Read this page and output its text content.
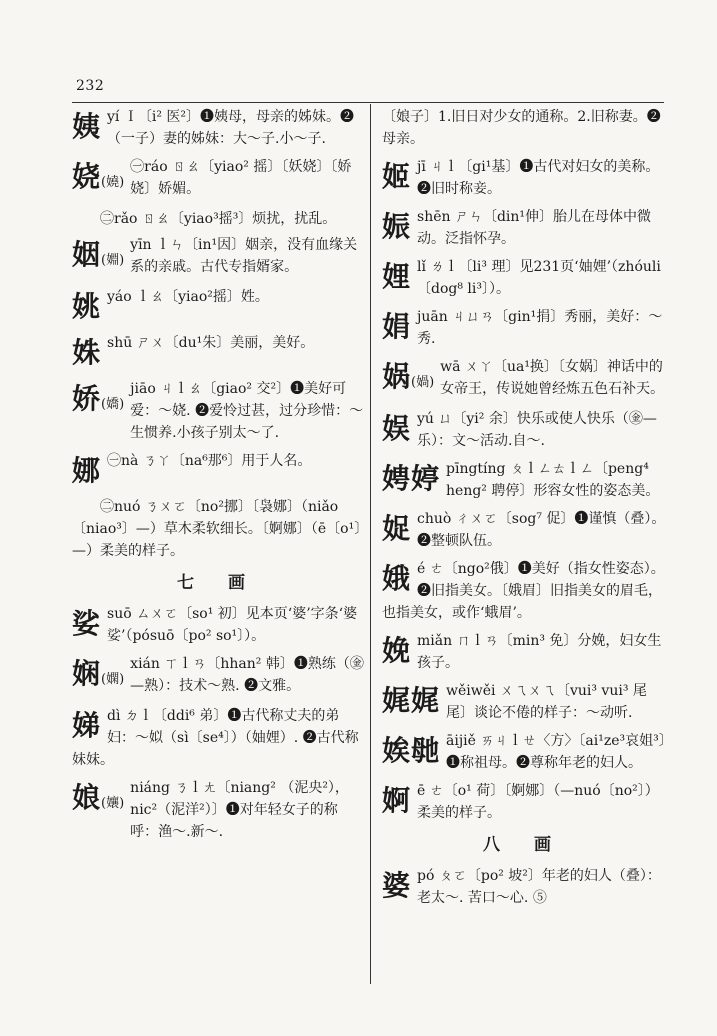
232
姨 yí Ｉ〔i² 医²〕❶姨母，母亲的姊妹。❷（一子）妻的姊妹：大～子.小～子.
娆(嬈)
㊀ráo ㄖㄠ〔yiao² 摇〕〔妖娆〕〔娇娆〕娇媚。
㊁rǎo ㄖㄠ〔yiao³摇³〕烦扰，扰乱。
姻(婣)
yīn ｌㄣ〔in¹因〕姻亲，没有血缘关系的亲戚。古代专指婿家。
姚 yáo ｌㄠ〔yiao²摇〕姓。
姝 shū ㄕㄨ〔du¹朱〕美丽，美好。
娇(嬌)
jiāo ㄐｌㄠ〔giao² 交²〕❶美好可爱：～娆. ❷爱怜过甚，过分珍惜：～生惯养.小孩子别太～了.
娜 ㊀nà ㄋㄚ〔na⁶那⁶〕用于人名。
㊁nuó ㄋㄨㄛ〔no²挪〕〔袅娜〕（niǎo〔niao³〕—）草木柔软细长。〔婀娜〕（ē〔o¹〕—）柔美的样子。
七 画
娑 suō ㄙㄨㄛ〔so¹ 初〕见本页‘婆’字条‘婆娑’（pósuō〔po² so¹〕）。
娴(嫻)
xián ㄒｌㄢ〔hhan² 韩〕❶熟练（㊎—熟）：技术～熟. ❷文雅。
娣 dì ㄉｌ〔ddi⁶ 弟〕❶古代称丈夫的弟妇：～姒（sì〔se⁴〕）（妯娌）. ❷古代称妹妹。
娘(孃)
niáng ㄋｌㄤ〔niang² （泥央²），nic²（泥洋²）〕❶对年轻女子的称呼：渔～.新～.
〔娘子〕1.旧日对少女的通称。2.旧称妻。❷母亲。
姬 jī ㄐｌ〔gi¹基〕❶古代对妇女的美称。❷旧时称妾。
娠 shēn ㄕㄣ〔din¹伸〕胎儿在母体中微动。泛指怀孕。
娌 lǐ ㄌｌ〔li³ 理〕见231页‘妯娌’（zhóuli〔dog⁸ li³〕）。
娟 juān ㄐㄩㄢ〔gin¹捐〕秀丽，美好：～秀.
娲(媧)
wā ㄨㄚ〔ua¹换〕〔女娲〕神话中的女帝王，传说她曾经炼五色石补天。
娱 yú ㄩ〔yi² 余〕快乐或使人快乐（㊎—乐）：文～活动.自～.
娉婷 pīngtíng ㄆｌㄥㄊｌㄥ〔peng⁴ heng² 聘停〕形容女性的姿态美。
娖 chuò ㄔㄨㄛ〔sog⁷ 促〕❶谨慎（叠）。❷整顿队伍。
娥 é ㄜ〔ngo²俄〕❶美好（指女性姿态）。❷旧指美女。〔娥眉〕旧指美女的眉毛，也指美女，或作‘蛾眉’。
娩 miǎn ㄇｌㄢ〔min³ 免〕分娩，妇女生孩子。
娓娓 wěiwěi ㄨㄟㄨㄟ〔vui³ vui³ 尾尾〕谈论不倦的样子：～动听.
娭毑 āijiě ㄞㄐｌㄝ〈方〉〔ai¹ze³哀姐³〕❶称祖母。❷尊称年老的妇人。
婀 ē ㄜ〔o¹ 荷〕〔婀娜〕（—nuó〔no²〕）柔美的样子。
八 画
婆 pó ㄆㄛ〔po² 坡²〕年老的妇人（叠）：老太～. 苦口～心. ⑤
